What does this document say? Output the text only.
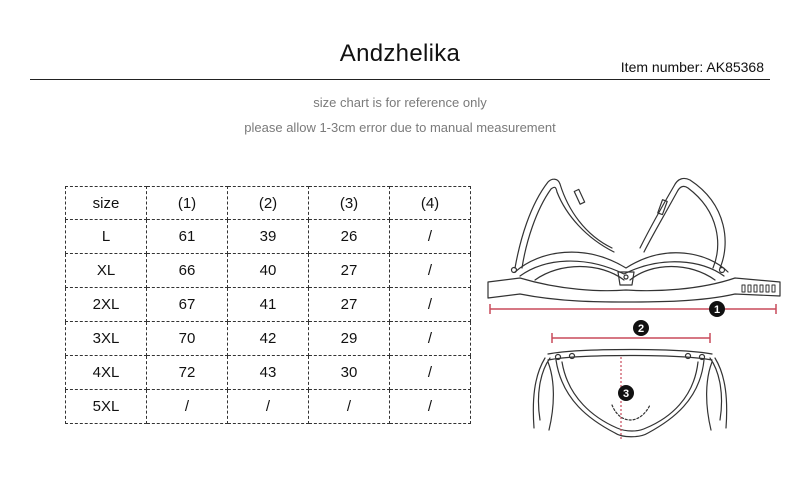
Andzhelika	Item number: AK85368
size chart is for reference only
please allow 1-3cm error due to manual measurement
size	(1)	(2)	(3)	(4)
L	61	39	26	/
XL	66	40	27	/
2XL	67	41	27	/
3XL	70	42	29	/
4XL	72	43	30	/
5XL	/	/	/	/
1
2
3
